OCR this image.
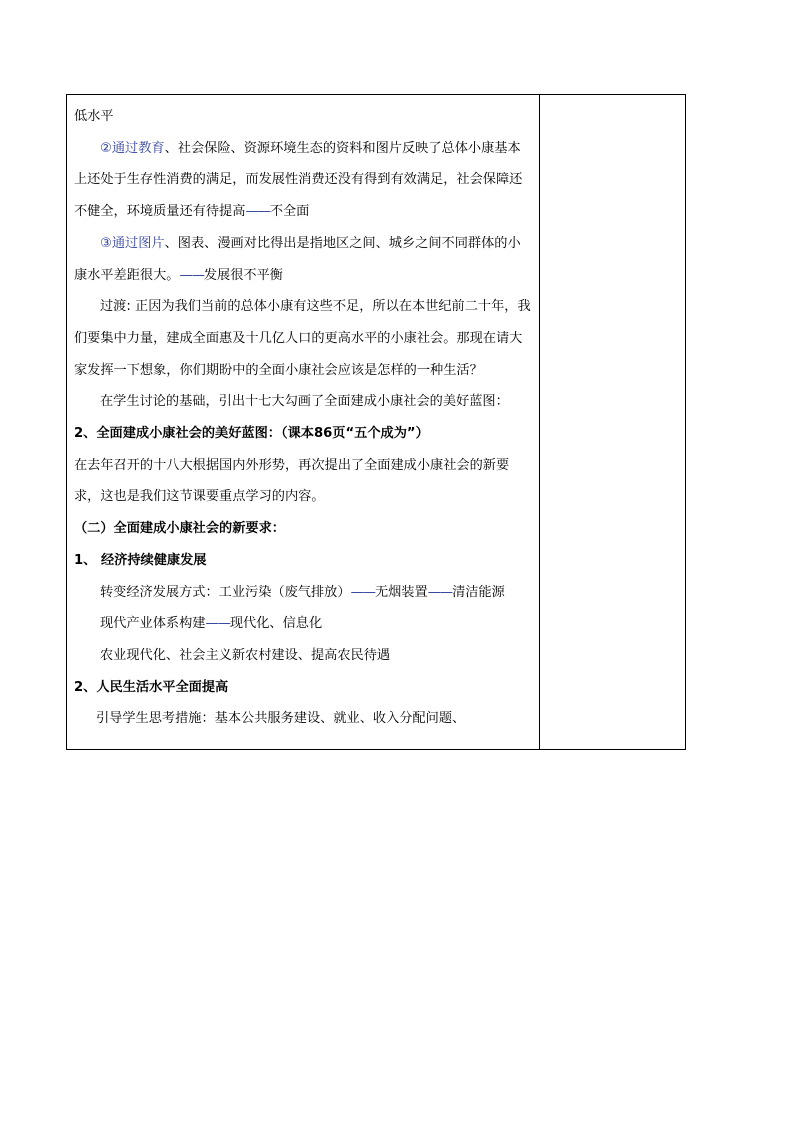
低水平

②通过教育、社会保险、资源环境生态的资料和图片反映了总体小康基本上还处于生存性消费的满足，而发展性消费还没有得到有效满足，社会保障还不健全，环境质量还有待提高——不全面

③通过图片、图表、漫画对比得出是指地区之间、城乡之间不同群体的小康水平差距很大。——发展很不平衡

过渡: 正因为我们当前的总体小康有这些不足，所以在本世纪前二十年，我们要集中力量，建成全面惠及十几亿人口的更高水平的小康社会。那现在请大家发挥一下想象，你们期盼中的全面小康社会应该是怎样的一种生活？

在学生讨论的基础，引出十七大勾画了全面建成小康社会的美好蓝图：

2、全面建成小康社会的美好蓝图：（课本86页“五个成为”）

在去年召开的十八大根据国内外形势，再次提出了全面建成小康社会的新要求，这也是我们这节课要重点学习的内容。

（二）全面建成小康社会的新要求：

1、 经济持续健康发展

转变经济发展方式：工业污染（废气排放）——无烟装置——清洁能源

现代产业体系构建——现代化、信息化

农业现代化、社会主义新农村建设、提高农民待遇

2、人民生活水平全面提高

引导学生思考措施：基本公共服务建设、就业、收入分配问题、
